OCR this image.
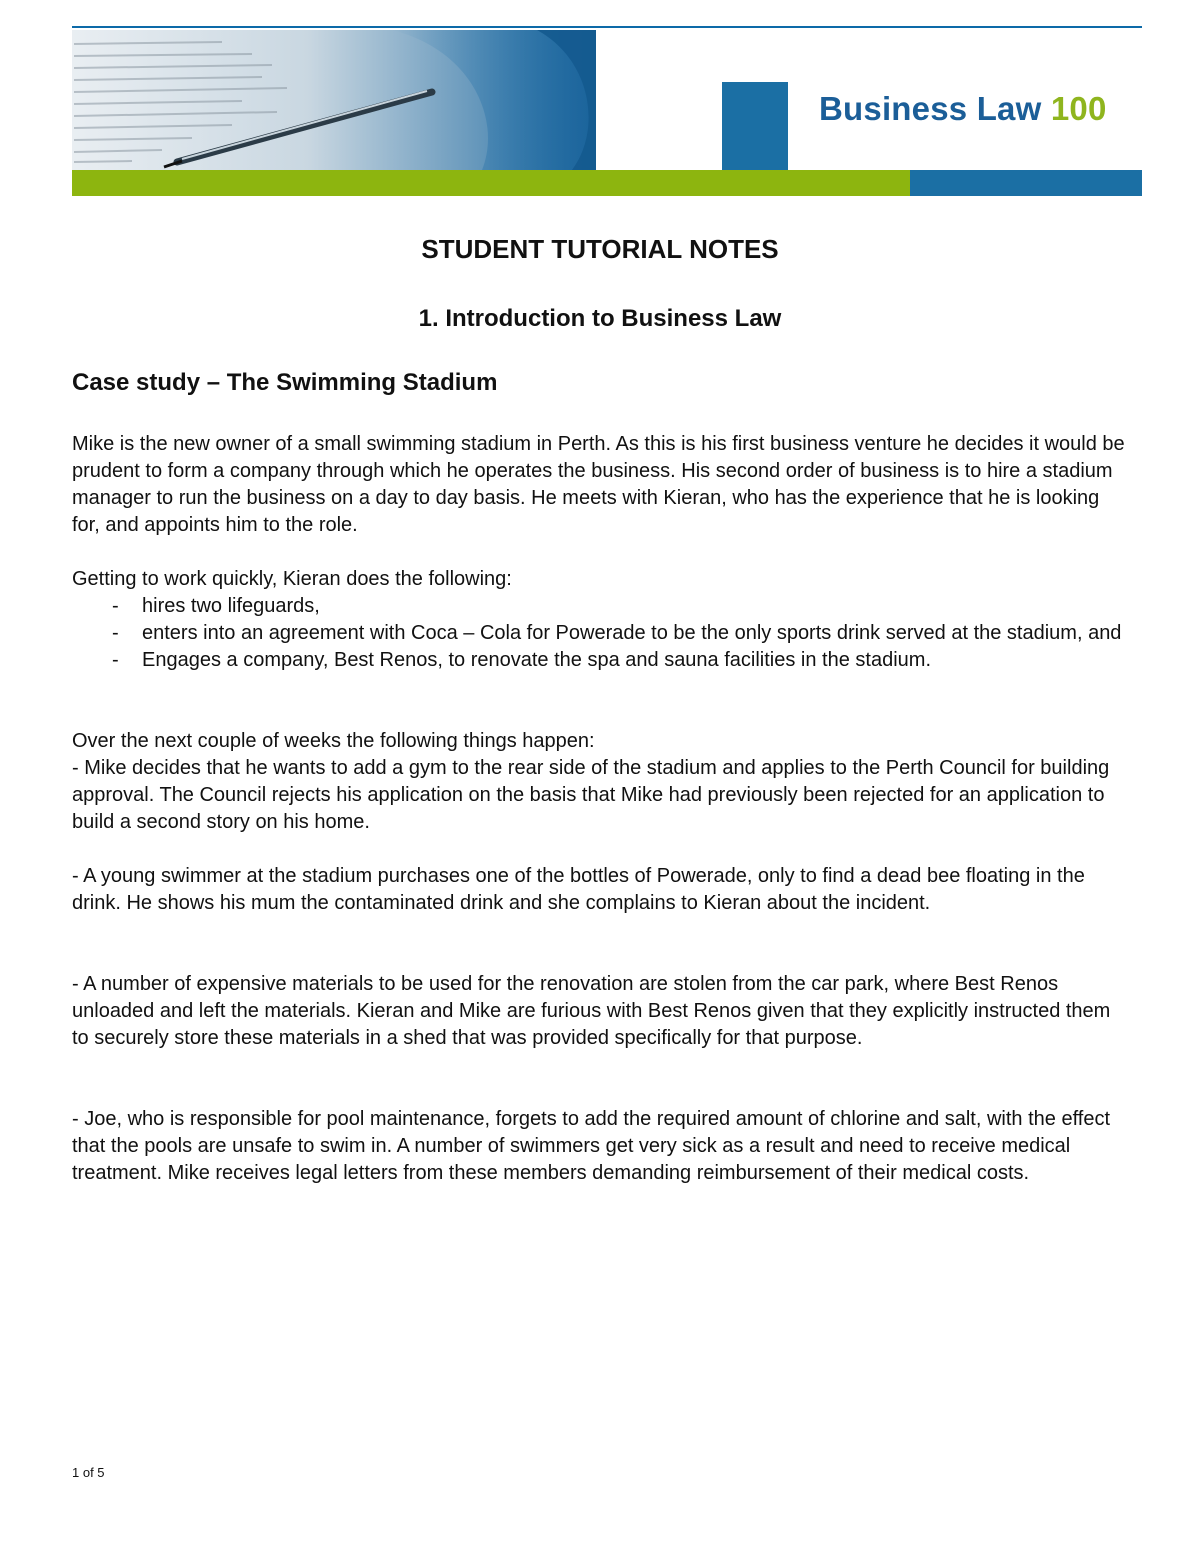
Business Law 100
STUDENT TUTORIAL NOTES
1. Introduction to Business Law
Case study – The Swimming Stadium

Mike is the new owner of a small swimming stadium in Perth. As this is his first business venture he decides it would be prudent to form a company through which he operates the business. His second order of business is to hire a stadium manager to run the business on a day to day basis. He meets with Kieran, who has the experience that he is looking for, and appoints him to the role.

Getting to work quickly, Kieran does the following:

- hires two lifeguards,
- enters into an agreement with Coca – Cola for Powerade to be the only sports drink served at the stadium, and
- Engages a company, Best Renos, to renovate the spa and sauna facilities in the stadium.

Over the next couple of weeks the following things happen:

- Mike decides that he wants to add a gym to the rear side of the stadium and applies to the Perth Council for building approval. The Council rejects his application on the basis that Mike had previously been rejected for an application to build a second story on his home.

- A young swimmer at the stadium purchases one of the bottles of Powerade, only to find a dead bee floating in the drink. He shows his mum the contaminated drink and she complains to Kieran about the incident.

- A number of expensive materials to be used for the renovation are stolen from the car park, where Best Renos unloaded and left the materials. Kieran and Mike are furious with Best Renos given that they explicitly instructed them to securely store these materials in a shed that was provided specifically for that purpose.

- Joe, who is responsible for pool maintenance, forgets to add the required amount of chlorine and salt, with the effect that the pools are unsafe to swim in. A number of swimmers get very sick as a result and need to receive medical treatment. Mike receives legal letters from these members demanding reimbursement of their medical costs.

1 of 5
